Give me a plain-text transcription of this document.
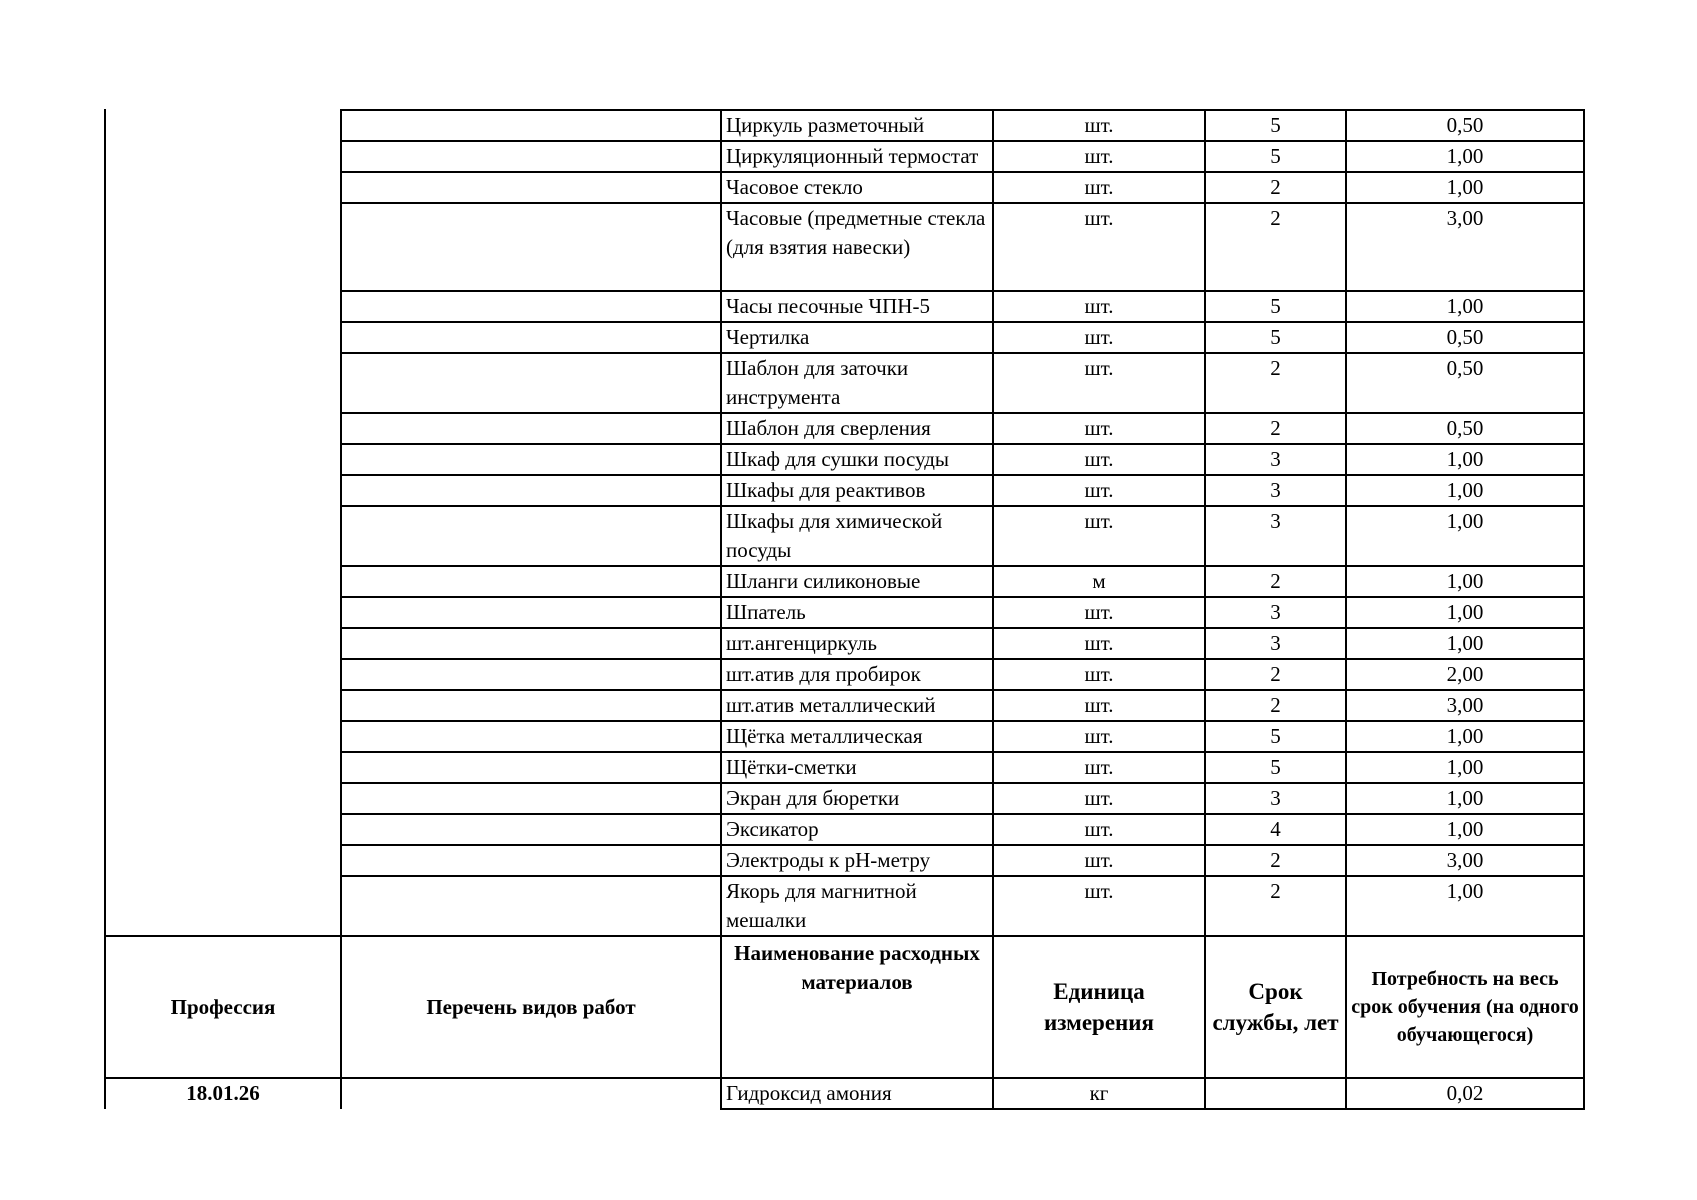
		Циркуль разметочный	шт.	5	0,50
		Циркуляционный термостат	шт.	5	1,00
		Часовое стекло	шт.	2	1,00
		Часовые (предметные стекла (для взятия навески)	шт.	2	3,00
		Часы песочные ЧПН-5	шт.	5	1,00
		Чертилка	шт.	5	0,50
		Шаблон для заточки инструмента	шт.	2	0,50
		Шаблон для сверления	шт.	2	0,50
		Шкаф для сушки посуды	шт.	3	1,00
		Шкафы для реактивов	шт.	3	1,00
		Шкафы для химической посуды	шт.	3	1,00
		Шланги силиконовые	м	2	1,00
		Шпатель	шт.	3	1,00
		шт.ангенциркуль	шт.	3	1,00
		шт.атив для пробирок	шт.	2	2,00
		шт.атив металлический	шт.	2	3,00
		Щётка металлическая	шт.	5	1,00
		Щётки-сметки	шт.	5	1,00
		Экран для бюретки	шт.	3	1,00
		Эксикатор	шт.	4	1,00
		Электроды к pH-метру	шт.	2	3,00
		Якорь для магнитной мешалки	шт.	2	1,00
Профессия	Перечень видов работ	Наименование расходных материалов	Единица измерения	Срок службы, лет	Потребность на весь срок обучения (на одного обучающегося)
18.01.26		Гидроксид амония	кг		0,02
